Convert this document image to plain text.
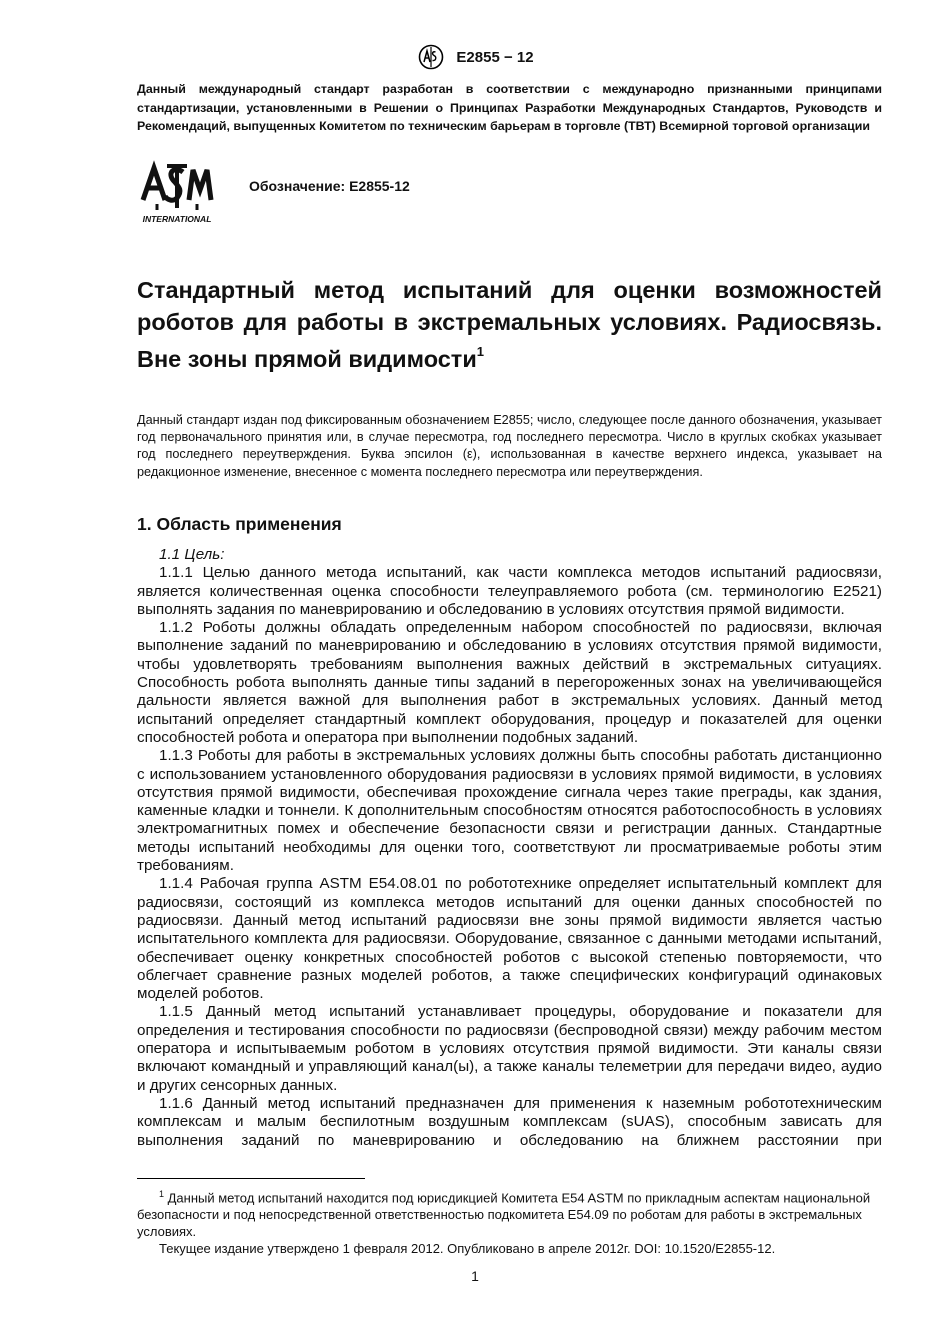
E2855 − 12
Данный международный стандарт разработан в соответствии с международно признанными принципами стандартизации, установленными в Решении о Принципах Разработки Международных Стандартов, Руководств и Рекомендаций, выпущенных Комитетом по техническим барьерам в торговле (ТВТ) Всемирной торговой организации
INTERNATIONAL
Обозначение: E2855-12
Стандартный метод испытаний для оценки возможностей роботов для работы в экстремальных условиях. Радиосвязь. Вне зоны прямой видимости$^1$
Данный стандарт издан под фиксированным обозначением E2855; число, следующее после данного обозначения, указывает год первоначального принятия или, в случае пересмотра, год последнего пересмотра. Число в круглых скобках указывает год последнего переутверждения. Буква эпсилон (ε), использованная в качестве верхнего индекса, указывает на редакционное изменение, внесенное с момента последнего пересмотра или переутверждения.
1. Область применения

1.1 Цель:

1.1.1 Целью данного метода испытаний, как части комплекса методов испытаний радиосвязи, является количественная оценка способности телеуправляемого робота (см. терминологию E2521) выполнять задания по маневрированию и обследованию в условиях отсутствия прямой видимости.

1.1.2 Роботы должны обладать определенным набором способностей по радиосвязи, включая выполнение заданий по маневрированию и обследованию в условиях отсутствия прямой видимости, чтобы удовлетворять требованиям выполнения важных действий в экстремальных ситуациях. Способность робота выполнять данные типы заданий в перегороженных зонах на увеличивающейся дальности является важной для выполнения работ в экстремальных условиях. Данный метод испытаний определяет стандартный комплект оборудования, процедур и показателей для оценки способностей робота и оператора при выполнении подобных заданий.

1.1.3 Роботы для работы в экстремальных условиях должны быть способны работать дистанционно с использованием установленного оборудования радиосвязи в условиях прямой видимости, в условиях отсутствия прямой видимости, обеспечивая прохождение сигнала через такие преграды, как здания, каменные кладки и тоннели. К дополнительным способностям относятся работоспособность в условиях электромагнитных помех и обеспечение безопасности связи и регистрации данных. Стандартные методы испытаний необходимы для оценки того, соответствуют ли просматриваемые роботы этим требованиям.

1.1.4 Рабочая группа ASTM E54.08.01 по робототехнике определяет испытательный комплект для радиосвязи, состоящий из комплекса методов испытаний для оценки данных способностей по радиосвязи. Данный метод испытаний радиосвязи вне зоны прямой видимости является частью испытательного комплекта для радиосвязи. Оборудование, связанное с данными методами испытаний, обеспечивает оценку конкретных способностей роботов с высокой степенью повторяемости, что облегчает сравнение разных моделей роботов, а также специфических конфигураций одинаковых моделей роботов.

1.1.5 Данный метод испытаний устанавливает процедуры, оборудование и показатели для определения и тестирования способности по радиосвязи (беспроводной связи) между рабочим местом оператора и испытываемым роботом в условиях отсутствия прямой видимости. Эти каналы связи включают командный и управляющий канал(ы), а также каналы телеметрии для передачи видео, аудио и других сенсорных данных.

1.1.6 Данный метод испытаний предназначен для применения к наземным робототехническим комплексам и малым беспилотным воздушным комплексам (sUAS), способным зависать для выполнения заданий по маневрированию и обследованию на ближнем расстоянии при

$^1$ Данный метод испытаний находится под юрисдикцией Комитета E54 ASTM по прикладным аспектам национальной безопасности и под непосредственной ответственностью подкомитета E54.09 по роботам для работы в экстремальных условиях.

Текущее издание утверждено 1 февраля 2012. Опубликовано в апреле 2012г. DOI: 10.1520/E2855-12.

1
